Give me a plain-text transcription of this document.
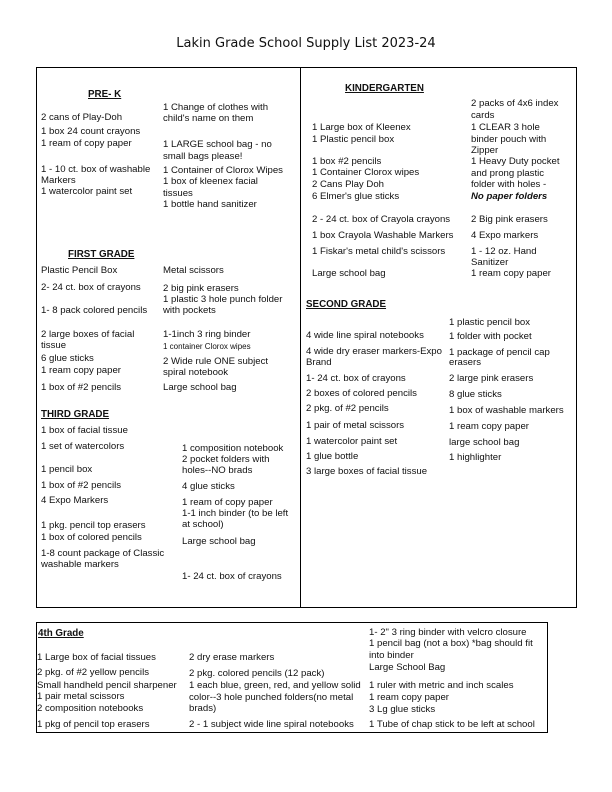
Lakin Grade School Supply List 2023-24
PRE- K
2 cans of Play-Doh
1 box 24 count crayons
1 ream of copy paper
1 - 10 ct. box of washable
Markers
1 watercolor paint set
1 Change of clothes with
child's name on them
1 LARGE school bag - no
small bags please!
1 Container of Clorox Wipes
1 box of kleenex facial
tissues
1 bottle hand sanitizer
FIRST GRADE
Plastic Pencil Box
2- 24 ct. box of crayons
1- 8 pack colored pencils
2 large boxes of facial
tissue
6 glue sticks
1 ream copy paper
1 box of #2 pencils
Metal scissors
2 big pink erasers
1 plastic 3 hole punch folder
with pockets
1-1inch 3 ring binder
1 container Clorox wipes
2 Wide rule ONE subject
spiral notebook
Large school bag
THIRD GRADE
1 box of facial tissue
1 set of watercolors
1 pencil box
1 box of #2 pencils
4 Expo Markers
1 pkg. pencil top erasers
1 box of colored pencils
1-8 count package of Classic
washable markers
1 composition notebook
2 pocket folders with
holes--NO brads
4 glue sticks
1 ream of copy paper
1-1 inch binder (to be left
at school)
Large school bag
1- 24 ct. box of crayons
KINDERGARTEN
1 Large box of Kleenex
1 Plastic pencil box
1 box #2 pencils
1 Container Clorox wipes
2 Cans Play Doh
6 Elmer's glue sticks
2 - 24 ct. box of Crayola crayons
1 box Crayola Washable Markers
1 Fiskar's metal child's scissors
Large school bag
2 packs of 4x6 index
cards
1 CLEAR 3 hole
binder pouch with
Zipper
1 Heavy Duty pocket
and prong plastic
folder with holes -
No paper folders
2 Big pink erasers
4 Expo markers
1 - 12 oz. Hand
Sanitizer
1 ream copy paper
SECOND GRADE
4 wide line spiral notebooks
4 wide dry eraser markers-Expo
Brand
1- 24 ct. box of crayons
2 boxes of colored pencils
2 pkg. of #2 pencils
1 pair of metal scissors
1 watercolor paint set
1 glue bottle
3 large boxes of facial tissue
1 plastic pencil box
1 folder with pocket
1 package of pencil cap
erasers
2 large pink erasers
8 glue sticks
1 box of washable markers
1 ream copy paper
large school bag
1 highlighter
4th Grade
1 Large box of facial tissues
2 pkg. of #2 yellow pencils
Small handheld pencil sharpener
1 pair metal scissors
2 composition notebooks
1 pkg of pencil top erasers
2 dry erase markers
2 pkg. colored pencils (12 pack)
1 each blue, green, red, and yellow solid
color--3 hole punched folders(no metal
brads)
2 - 1 subject wide line spiral notebooks
1- 2" 3 ring binder with velcro closure
1 pencil bag (not a box) *bag should fit
into binder
Large School Bag
1 ruler with metric and inch scales
1 ream copy paper
3 Lg glue sticks
1 Tube of chap stick to be left at school
